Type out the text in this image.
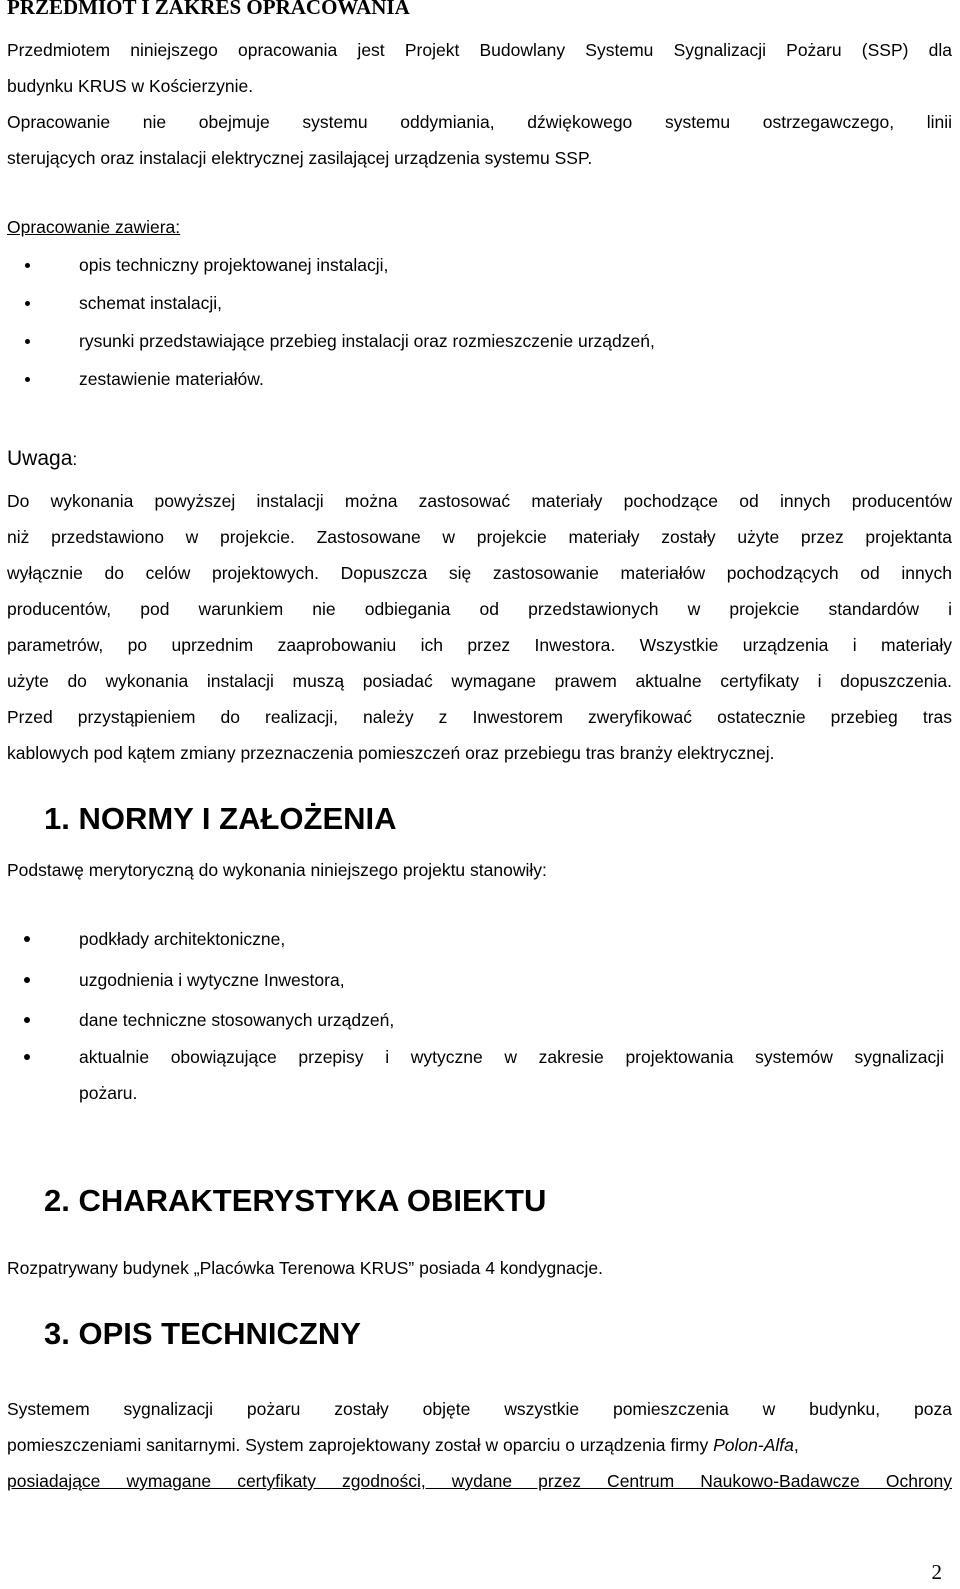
PRZEDMIOT I ZAKRES OPRACOWANIA
Przedmiotem niniejszego opracowania jest Projekt Budowlany Systemu Sygnalizacji Pożaru (SSP) dla
budynku KRUS w Kościerzynie.
Opracowanie nie obejmuje systemu oddymiania, dźwiękowego systemu ostrzegawczego, linii
sterujących oraz instalacji elektrycznej zasilającej urządzenia systemu SSP.
Opracowanie zawiera:
opis techniczny projektowanej instalacji,
schemat instalacji,
rysunki przedstawiające przebieg instalacji oraz rozmieszczenie urządzeń,
zestawienie materiałów.
Uwaga:
Do wykonania powyższej instalacji można zastosować materiały pochodzące od innych producentów
niż przedstawiono w projekcie. Zastosowane w projekcie materiały zostały użyte przez projektanta
wyłącznie do celów projektowych. Dopuszcza się zastosowanie materiałów pochodzących od innych
producentów, pod warunkiem nie odbiegania od przedstawionych w projekcie standardów i
parametrów, po uprzednim zaaprobowaniu ich przez Inwestora. Wszystkie urządzenia i materiały
użyte do wykonania instalacji muszą posiadać wymagane prawem aktualne certyfikaty i dopuszczenia.
Przed przystąpieniem do realizacji, należy z Inwestorem zweryfikować ostatecznie przebieg tras
kablowych pod kątem zmiany przeznaczenia pomieszczeń oraz przebiegu tras branży elektrycznej.
1. NORMY I ZAŁOŻENIA
Podstawę merytoryczną do wykonania niniejszego projektu stanowiły:
podkłady architektoniczne,
uzgodnienia i wytyczne Inwestora,
dane techniczne stosowanych urządzeń,
aktualnie obowiązujące przepisy i wytyczne w zakresie projektowania systemów sygnalizacji
pożaru.
2. CHARAKTERYSTYKA OBIEKTU
Rozpatrywany budynek „Placówka Terenowa KRUS” posiada 4 kondygnacje.
3. OPIS TECHNICZNY
Systemem sygnalizacji pożaru zostały objęte wszystkie pomieszczenia w budynku, poza
pomieszczeniami sanitarnymi. System zaprojektowany został w oparciu o urządzenia firmy Polon-Alfa,
posiadające wymagane certyfikaty zgodności, wydane przez Centrum Naukowo-Badawcze Ochrony
2
